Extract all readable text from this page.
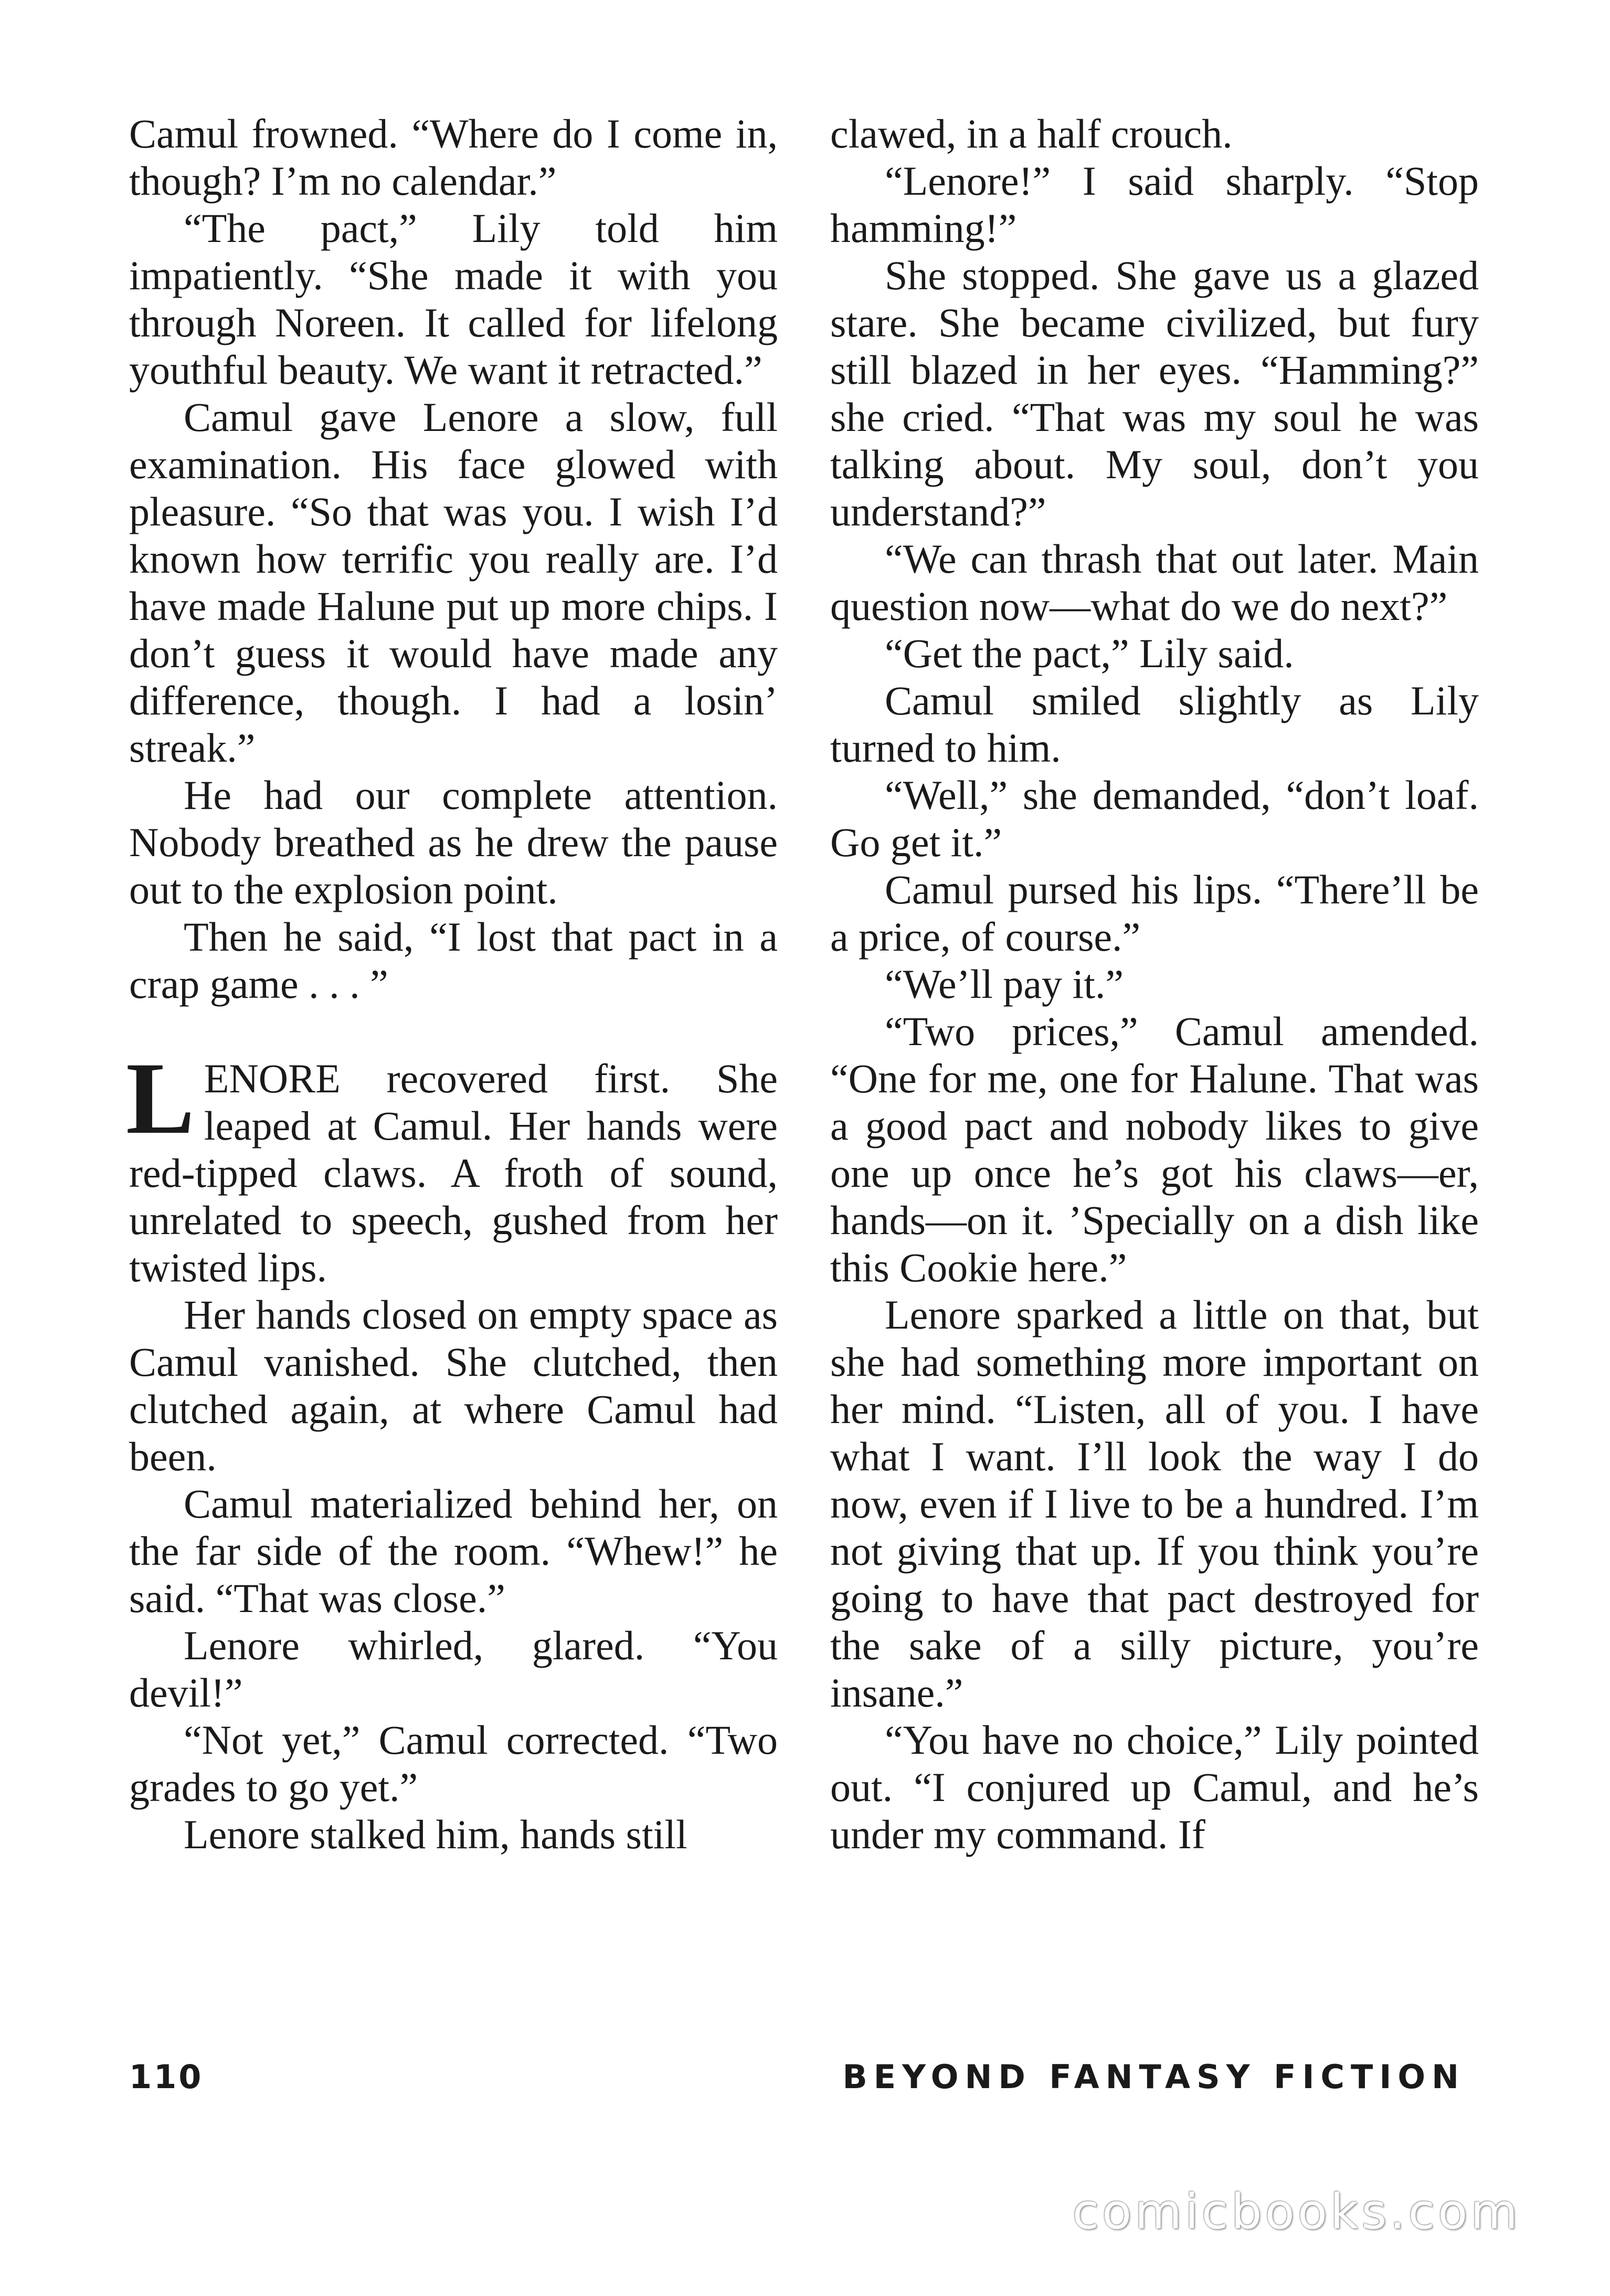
Camul frowned. “Where do I come in, though? I’m no calendar.”

“The pact,” Lily told him impatiently. “She made it with you through Noreen. It called for lifelong youthful beauty. We want it retracted.”

Camul gave Lenore a slow, full examination. His face glowed with pleasure. “So that was you. I wish I’d known how terrific you really are. I’d have made Halune put up more chips. I don’t guess it would have made any difference, though. I had a losin’ streak.”

He had our complete attention. Nobody breathed as he drew the pause out to the explosion point.

Then he said, “I lost that pact in a crap game . . . ”

LENORE recovered first. She leaped at Camul. Her hands were red-tipped claws. A froth of sound, unrelated to speech, gushed from her twisted lips.

Her hands closed on empty space as Camul vanished. She clutched, then clutched again, at where Camul had been.

Camul materialized behind her, on the far side of the room. “Whew!” he said. “That was close.”

Lenore whirled, glared. “You devil!”

“Not yet,” Camul corrected. “Two grades to go yet.”

Lenore stalked him, hands still

clawed, in a half crouch.

“Lenore!” I said sharply. “Stop hamming!”

She stopped. She gave us a glazed stare. She became civilized, but fury still blazed in her eyes. “Hamming?” she cried. “That was my soul he was talking about. My soul, don’t you understand?”

“We can thrash that out later. Main question now—what do we do next?”

“Get the pact,” Lily said.

Camul smiled slightly as Lily turned to him.

“Well,” she demanded, “don’t loaf. Go get it.”

Camul pursed his lips. “There’ll be a price, of course.”

“We’ll pay it.”

“Two prices,” Camul amended. “One for me, one for Halune. That was a good pact and nobody likes to give one up once he’s got his claws—er, hands—on it. ’Specially on a dish like this Cookie here.”

Lenore sparked a little on that, but she had something more important on her mind. “Listen, all of you. I have what I want. I’ll look the way I do now, even if I live to be a hundred. I’m not giving that up. If you think you’re going to have that pact destroyed for the sake of a silly picture, you’re insane.”

“You have no choice,” Lily pointed out. “I conjured up Camul, and he’s under my command. If

110	BEYOND FANTASY FICTION
comicbooks.com
